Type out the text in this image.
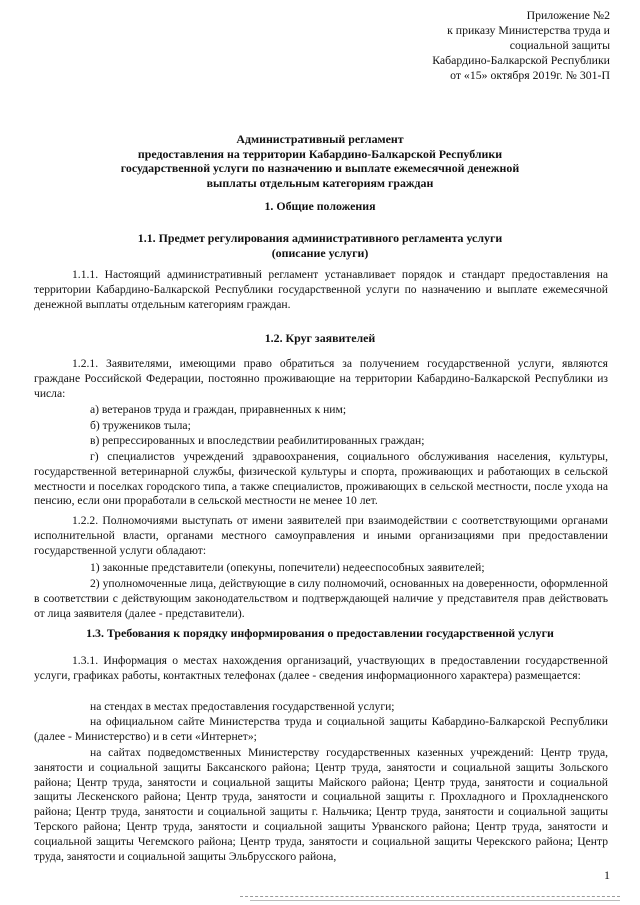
Приложение №2
к приказу Министерства труда и
социальной защиты
Кабардино-Балкарской Республики
от «15» октября 2019г. № 301-П
Административный регламент
предоставления на территории Кабардино-Балкарской Республики
государственной услуги по назначению и выплате ежемесячной денежной
выплаты отдельным категориям граждан
1. Общие положения
1.1. Предмет регулирования административного регламента услуги
(описание услуги)

1.1.1. Настоящий административный регламент устанавливает порядок и стандарт предоставления на территории Кабардино-Балкарской Республики государственной услуги по назначению и выплате ежемесячной денежной выплаты отдельным категориям граждан.

1.2. Круг заявителей

1.2.1. Заявителями, имеющими право обратиться за получением государственной услуги, являются граждане Российской Федерации, постоянно проживающие на территории Кабардино-Балкарской Республики из числа:

а) ветеранов труда и граждан, приравненных к ним;

б) тружеников тыла;

в) репрессированных и впоследствии реабилитированных граждан;

г) специалистов учреждений здравоохранения, социального обслуживания населения, культуры, государственной ветеринарной службы, физической культуры и спорта, проживающих и работающих в сельской местности и поселках городского типа, а также специалистов, проживающих в сельской местности, после ухода на пенсию, если они проработали в сельской местности не менее 10 лет.

1.2.2. Полномочиями выступать от имени заявителей при взаимодействии с соответствующими органами исполнительной власти, органами местного самоуправления и иными организациями при предоставлении государственной услуги обладают:

1) законные представители (опекуны, попечители) недееспособных заявителей;

2) уполномоченные лица, действующие в силу полномочий, основанных на доверенности, оформленной в соответствии с действующим законодательством и подтверждающей наличие у представителя прав действовать от лица заявителя (далее - представители).

1.3. Требования к порядку информирования о предоставлении государственной услуги

1.3.1. Информация о местах нахождения организаций, участвующих в предоставлении государственной услуги, графиках работы, контактных телефонах (далее - сведения информационного характера) размещается:

на стендах в местах предоставления государственной услуги;

на официальном сайте Министерства труда и социальной защиты Кабардино-Балкарской Республики (далее - Министерство) и в сети «Интернет»;

на сайтах подведомственных Министерству государственных казенных учреждений: Центр труда, занятости и социальной защиты Баксанского района; Центр труда, занятости и социальной защиты Зольского района; Центр труда, занятости и социальной защиты Майского района; Центр труда, занятости и социальной защиты Лескенского района; Центр труда, занятости и социальной защиты г. Прохладного и Прохладненского района; Центр труда, занятости и социальной защиты г. Нальчика; Центр труда, занятости и социальной защиты Терского района; Центр труда, занятости и социальной защиты Урванского района; Центр труда, занятости и социальной защиты Чегемского района; Центр труда, занятости и социальной защиты Черекского района; Центр труда, занятости и социальной защиты Эльбрусского района,

1
